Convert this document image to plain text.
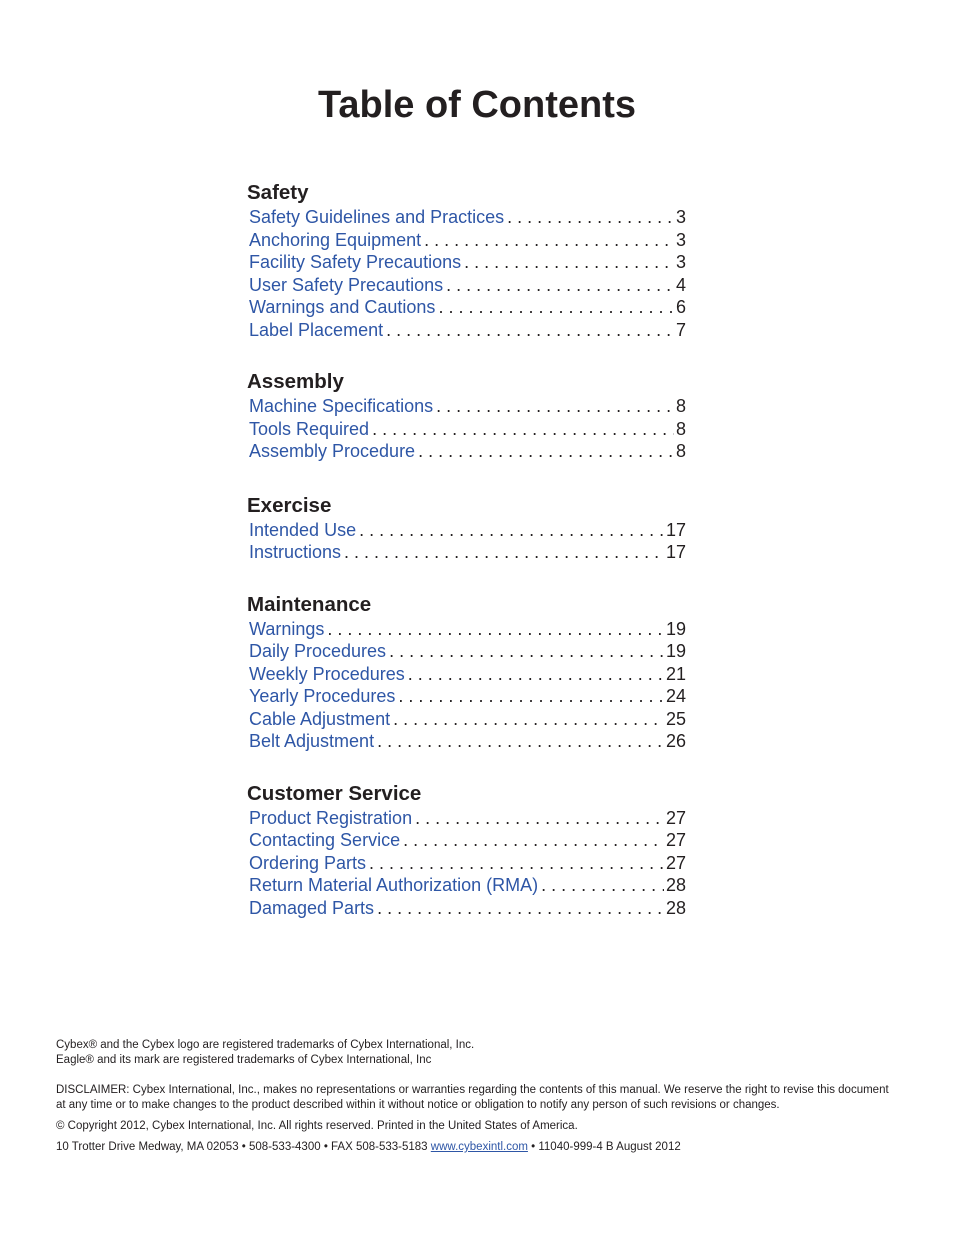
Table of Contents
Safety
Safety Guidelines and Practices . . .	3
Anchoring Equipment . . .	3
Facility Safety Precautions . . .	3
User Safety Precautions . . .	4
Warnings and Cautions . . .	6
Label Placement . . .	7
Assembly
Machine Specifications . . .	8
Tools Required . . .	8
Assembly Procedure . . .	8
Exercise
Intended Use . . .	17
Instructions . . .	17
Maintenance
Warnings . . .	19
Daily Procedures . . .	19
Weekly Procedures . . .	21
Yearly Procedures . . .	24
Cable Adjustment . . .	25
Belt Adjustment . . .	26
Customer Service
Product Registration . . .	27
Contacting Service . . .	27
Ordering Parts . . .	27
Return Material Authorization (RMA) . . .	28
Damaged Parts . . .	28

Cybex® and the Cybex logo are registered trademarks of Cybex International, Inc.

Eagle® and its mark are registered trademarks of Cybex International, Inc

DISCLAIMER: Cybex International, Inc., makes no representations or warranties regarding the contents of this manual. We reserve the right to revise this document at any time or to make changes to the product described within it without notice or obligation to notify any person of such revisions or changes.

© Copyright 2012, Cybex International, Inc. All rights reserved. Printed in the United States of America.

10 Trotter Drive Medway, MA 02053 • 508-533-4300 • FAX 508-533-5183 www.cybexintl.com • 11040-999-4 B August 2012
